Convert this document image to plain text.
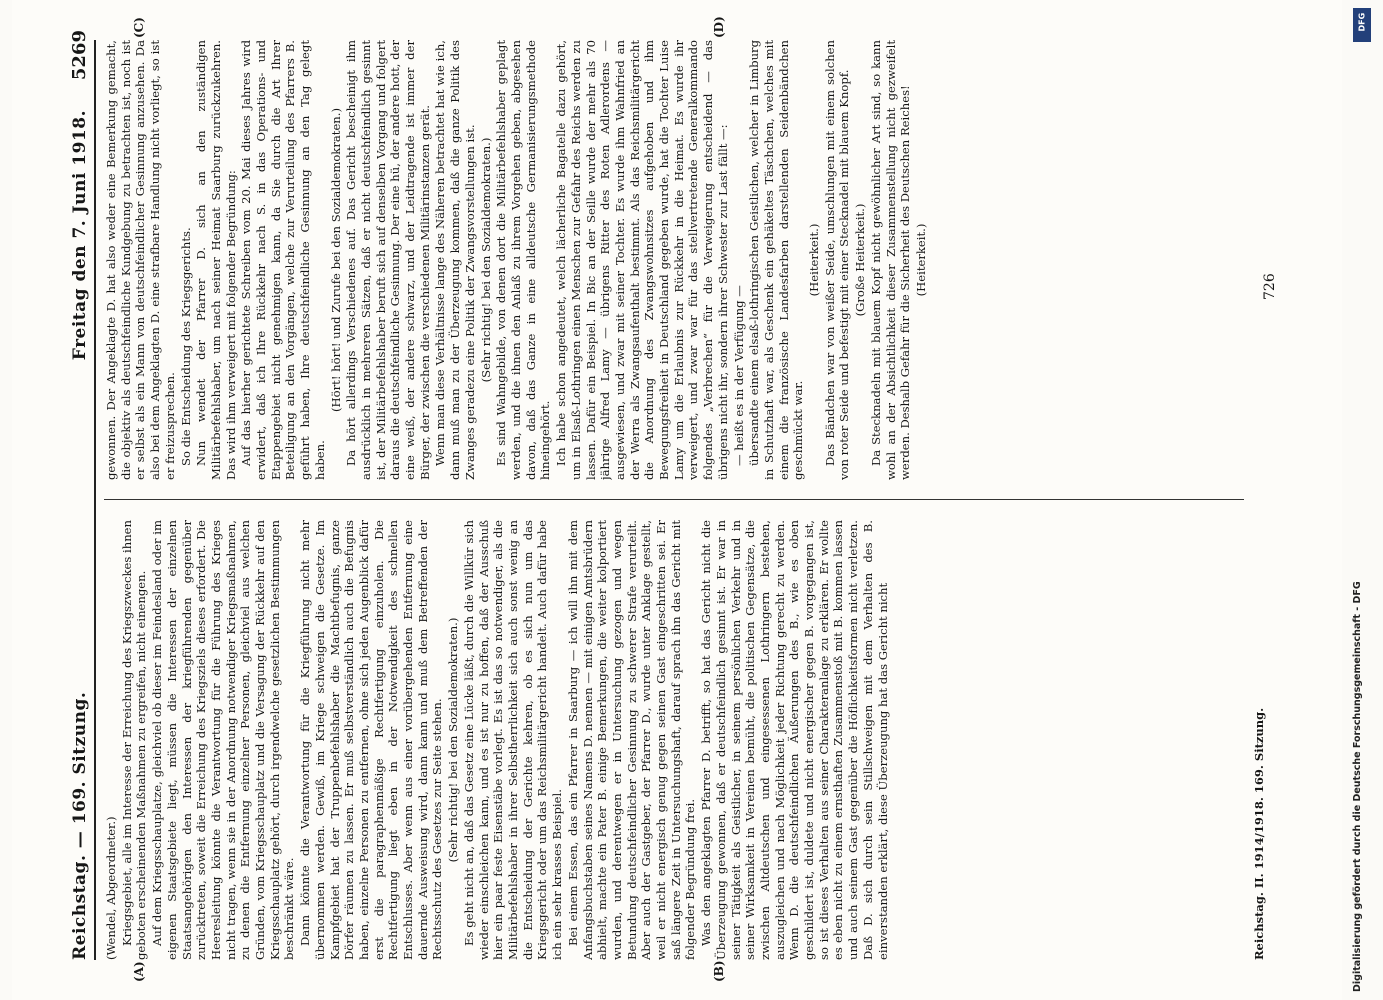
Reichstag. — 169. Sitzung.
Freitag den 7. Juni 1918.
5269
(A)	(B)
(C)	(D)

(Wendel, Abgeordneter.) Kriegsgebiet, alle im Interesse der Erreichung des Kriegszweckes ihnen geboten erscheinenden Maßnahmen zu ergreifen, nicht einengen. Auf dem Kriegsschauplatze, gleichviel ob dieser im Feindesland oder im eigenen Staatsgebiete liegt, müssen die Interessen der einzelnen Staatsangehörigen den Interessen der kriegführenden gegenüber zurücktreten, soweit die Erreichung des Kriegsziels dieses erfordert. Die Heeresleitung könnte die Verantwortung für die Führung des Krieges nicht tragen, wenn sie in der Anordnung notwendiger Kriegsmaßnahmen, zu denen die Entfernung einzelner Personen, gleichviel aus welchen Gründen, vom Kriegsschauplatz und die Versagung der Rückkehr auf den Kriegsschauplatz gehört, durch irgendwelche gesetzlichen Bestimmungen beschränkt wäre. Dann könnte die Verantwortung für die Kriegführung nicht mehr übernommen werden. Gewiß, im Kriege schweigen die Gesetze. Im Kampfgebiet hat der Truppenbefehlshaber die Machtbefugnis, ganze Dörfer räumen zu lassen. Er muß selbstverständlich auch die Befugnis haben, einzelne Personen zu entfernen, ohne sich jeden Augenblick dafür erst die paragraphenmäßige Rechtfertigung einzuholen. Die Rechtfertigung liegt eben in der Notwendigkeit des schnellen Entschlusses. Aber wenn aus einer vorübergehenden Entfernung eine dauernde Ausweisung wird, dann kann und muß dem Betreffenden der Rechtsschutz des Gesetzes zur Seite stehen. (Sehr richtig! bei den Sozialdemokraten.) Es geht nicht an, daß das Gesetz eine Lücke läßt, durch die Willkür sich wieder einschleichen kann, und es ist nur zu hoffen, daß der Ausschuß hier ein paar feste Eisenstäbe vorlegt. Es ist das so notwendiger, als die Militärbefehlshaber in ihrer Selbstherrlichkeit sich auch sonst wenig an die Entscheidung der Gerichte kehren, ob es sich nun um das Kriegsgericht oder um das Reichsmilitärgericht handelt. Auch dafür habe ich ein sehr krasses Beispiel. Bei einem Essen, das ein Pfarrer in Saarburg — ich will ihn mit dem Anfangsbuchstaben seines Namens D. nennen — mit einigen Amtsbrüdern abhielt, machte ein Pater B. einige Bemerkungen, die weiter kolportiert wurden, und derentwegen er in Untersuchung gezogen und wegen Betundung deutschfeindlicher Gesinnung zu schwerer Strafe verurteilt. Aber auch der Gastgeber, der Pfarrer D., wurde unter Anklage gestellt, weil er nicht energisch genug gegen seinen Gast eingeschritten sei. Er saß längere Zeit in Untersuchungshaft, darauf sprach ihn das Gericht mit folgender Begründung frei. Was den angeklagten Pfarrer D. betrifft, so hat das Gericht nicht die Überzeugung gewonnen, daß er deutschfeindlich gesinnt ist. Er war in seiner Tätigkeit als Geistlicher, in seinem persönlichen Verkehr und in seiner Wirksamkeit in Vereinen bemüht, die politischen Gegensätze, die zwischen Altdeutschen und eingesessenen Lothringern bestehen, auszugleichen und nach Möglichkeit jeder Richtung gerecht zu werden. Wenn D. die deutschfeindlichen Äußerungen des B., wie es oben geschildert ist, duldete und nicht energischer gegen B. vorgegangen ist, so ist dieses Verhalten aus seiner Charakteranlage zu erklären. Er wollte es eben nicht zu einem ernsthaften Zusammenstoß mit B. kommen lassen und auch seinem Gast gegenüber die Höflichkeitsformen nicht verletzen. Daß D. sich durch sein Stillschweigen mit dem Verhalten des B. einverstanden erklärt, diese Überzeugung hat das Gericht nicht

gewonnen. Der Angeklagte D. hat also weder eine Bemerkung gemacht, die objektiv als deutschfeindliche Kundgebung zu betrachten ist, noch ist er selbst als ein Mann von deutschfeindlicher Gesinnung anzusehen. Da also bei dem Angeklagten D. eine strafbare Handlung nicht vorliegt, so ist er freizusprechen. So die Entscheidung des Kriegsgerichts. Nun wendet der Pfarrer D. sich an den zuständigen Militärbefehlshaber, um nach seiner Heimat Saarburg zurückzukehren. Das wird ihm verweigert mit folgender Begründung: Auf das hierher gerichtete Schreiben vom 20. Mai dieses Jahres wird erwidert, daß ich Ihre Rückkehr nach S. in das Operations- und Etappengebiet nicht genehmigen kann, da Sie durch die Art Ihrer Beteiligung an den Vorgängen, welche zur Verurteilung des Pfarrers B. geführt haben, Ihre deutschfeindliche Gesinnung an den Tag gelegt haben.

(Hört! hört! und Zurufe bei den Sozialdemokraten.) Da hört allerdings Verschiedenes auf. Das Gericht bescheinigt ihm ausdrücklich in mehreren Sätzen, daß er nicht deutschfeindlich gesinnt ist, der Militärbefehlshaber beruft sich auf denselben Vorgang und folgert daraus die deutschfeindliche Gesinnung. Der eine hü, der andere hott, der eine weiß, der andere schwarz, und der Leidtragende ist immer der Bürger, der zwischen die verschiedenen Militärinstanzen gerät. Wenn man diese Verhältnisse lange des Näheren betrachtet hat wie ich, dann muß man zu der Überzeugung kommen, daß die ganze Politik des Zwanges geradezu eine Politik der Zwangsvorstellungen ist. (Sehr richtig! bei den Sozialdemokraten.) Es sind Wahngebilde, von denen dort die Militärbefehlshaber geplagt werden, und die ihnen den Anlaß zu ihrem Vorgehen geben, abgesehen davon, daß das Ganze in eine alldeutsche Germanisierungsmethode hineingehört. Ich habe schon angedeutet, welch lächerliche Bagatelle dazu gehört, um in Elsaß-Lothringen einen Menschen zur Gefahr des Reichs werden zu lassen. Dafür ein Beispiel. In Bic an der Seille wurde der mehr als 70 jährige Alfred Lamy — übrigens Ritter des Roten Adlerordens — ausgewiesen, und zwar mit seiner Tochter. Es wurde ihm Wahnfried an der Werra als Zwangsaufenthalt bestimmt. Als das Reichsmilitärgericht die Anordnung des Zwangswohnsitzes aufgehoben und ihm Bewegungsfreiheit in Deutschland gegeben wurde, hat die Tochter Luise Lamy um die Erlaubnis zur Rückkehr in die Heimat. Es wurde ihr verweigert, und zwar war für das stellvertretende Generalkommando folgendes „Verbrechen“ für die Verweigerung entscheidend — das übrigens nicht ihr, sondern ihrer Schwester zur Last fällt —: — heißt es in der Verfügung — übersandte einem elsaß-lothringischen Geistlichen, welcher in Limburg in Schutzhaft war, als Geschenk ein gehäkeltes Täschchen, welches mit einem die französische Landesfarben darstellenden Seidenbändchen geschmückt war.

(Heiterkeit.) Das Bändchen war von weißer Seide, umschlungen mit einem solchen von roter Seide und befestigt mit einer Stecknadel mit blauem Knopf. (Große Heiterkeit.) Da Stecknadeln mit blauem Kopf nicht gewöhnlicher Art sind, so kann wohl an der Absichtlichkeit dieser Zusammenstellung nicht gezweifelt werden. Deshalb Gefahr für die Sicherheit des Deutschen Reiches! (Heiterkeit.)

Reichstag. II. 1914/1918. 169. Sitzung.
726
Digitalisierung gefördert durch die Deutsche Forschungsgemeinschaft - DFG
DFG
